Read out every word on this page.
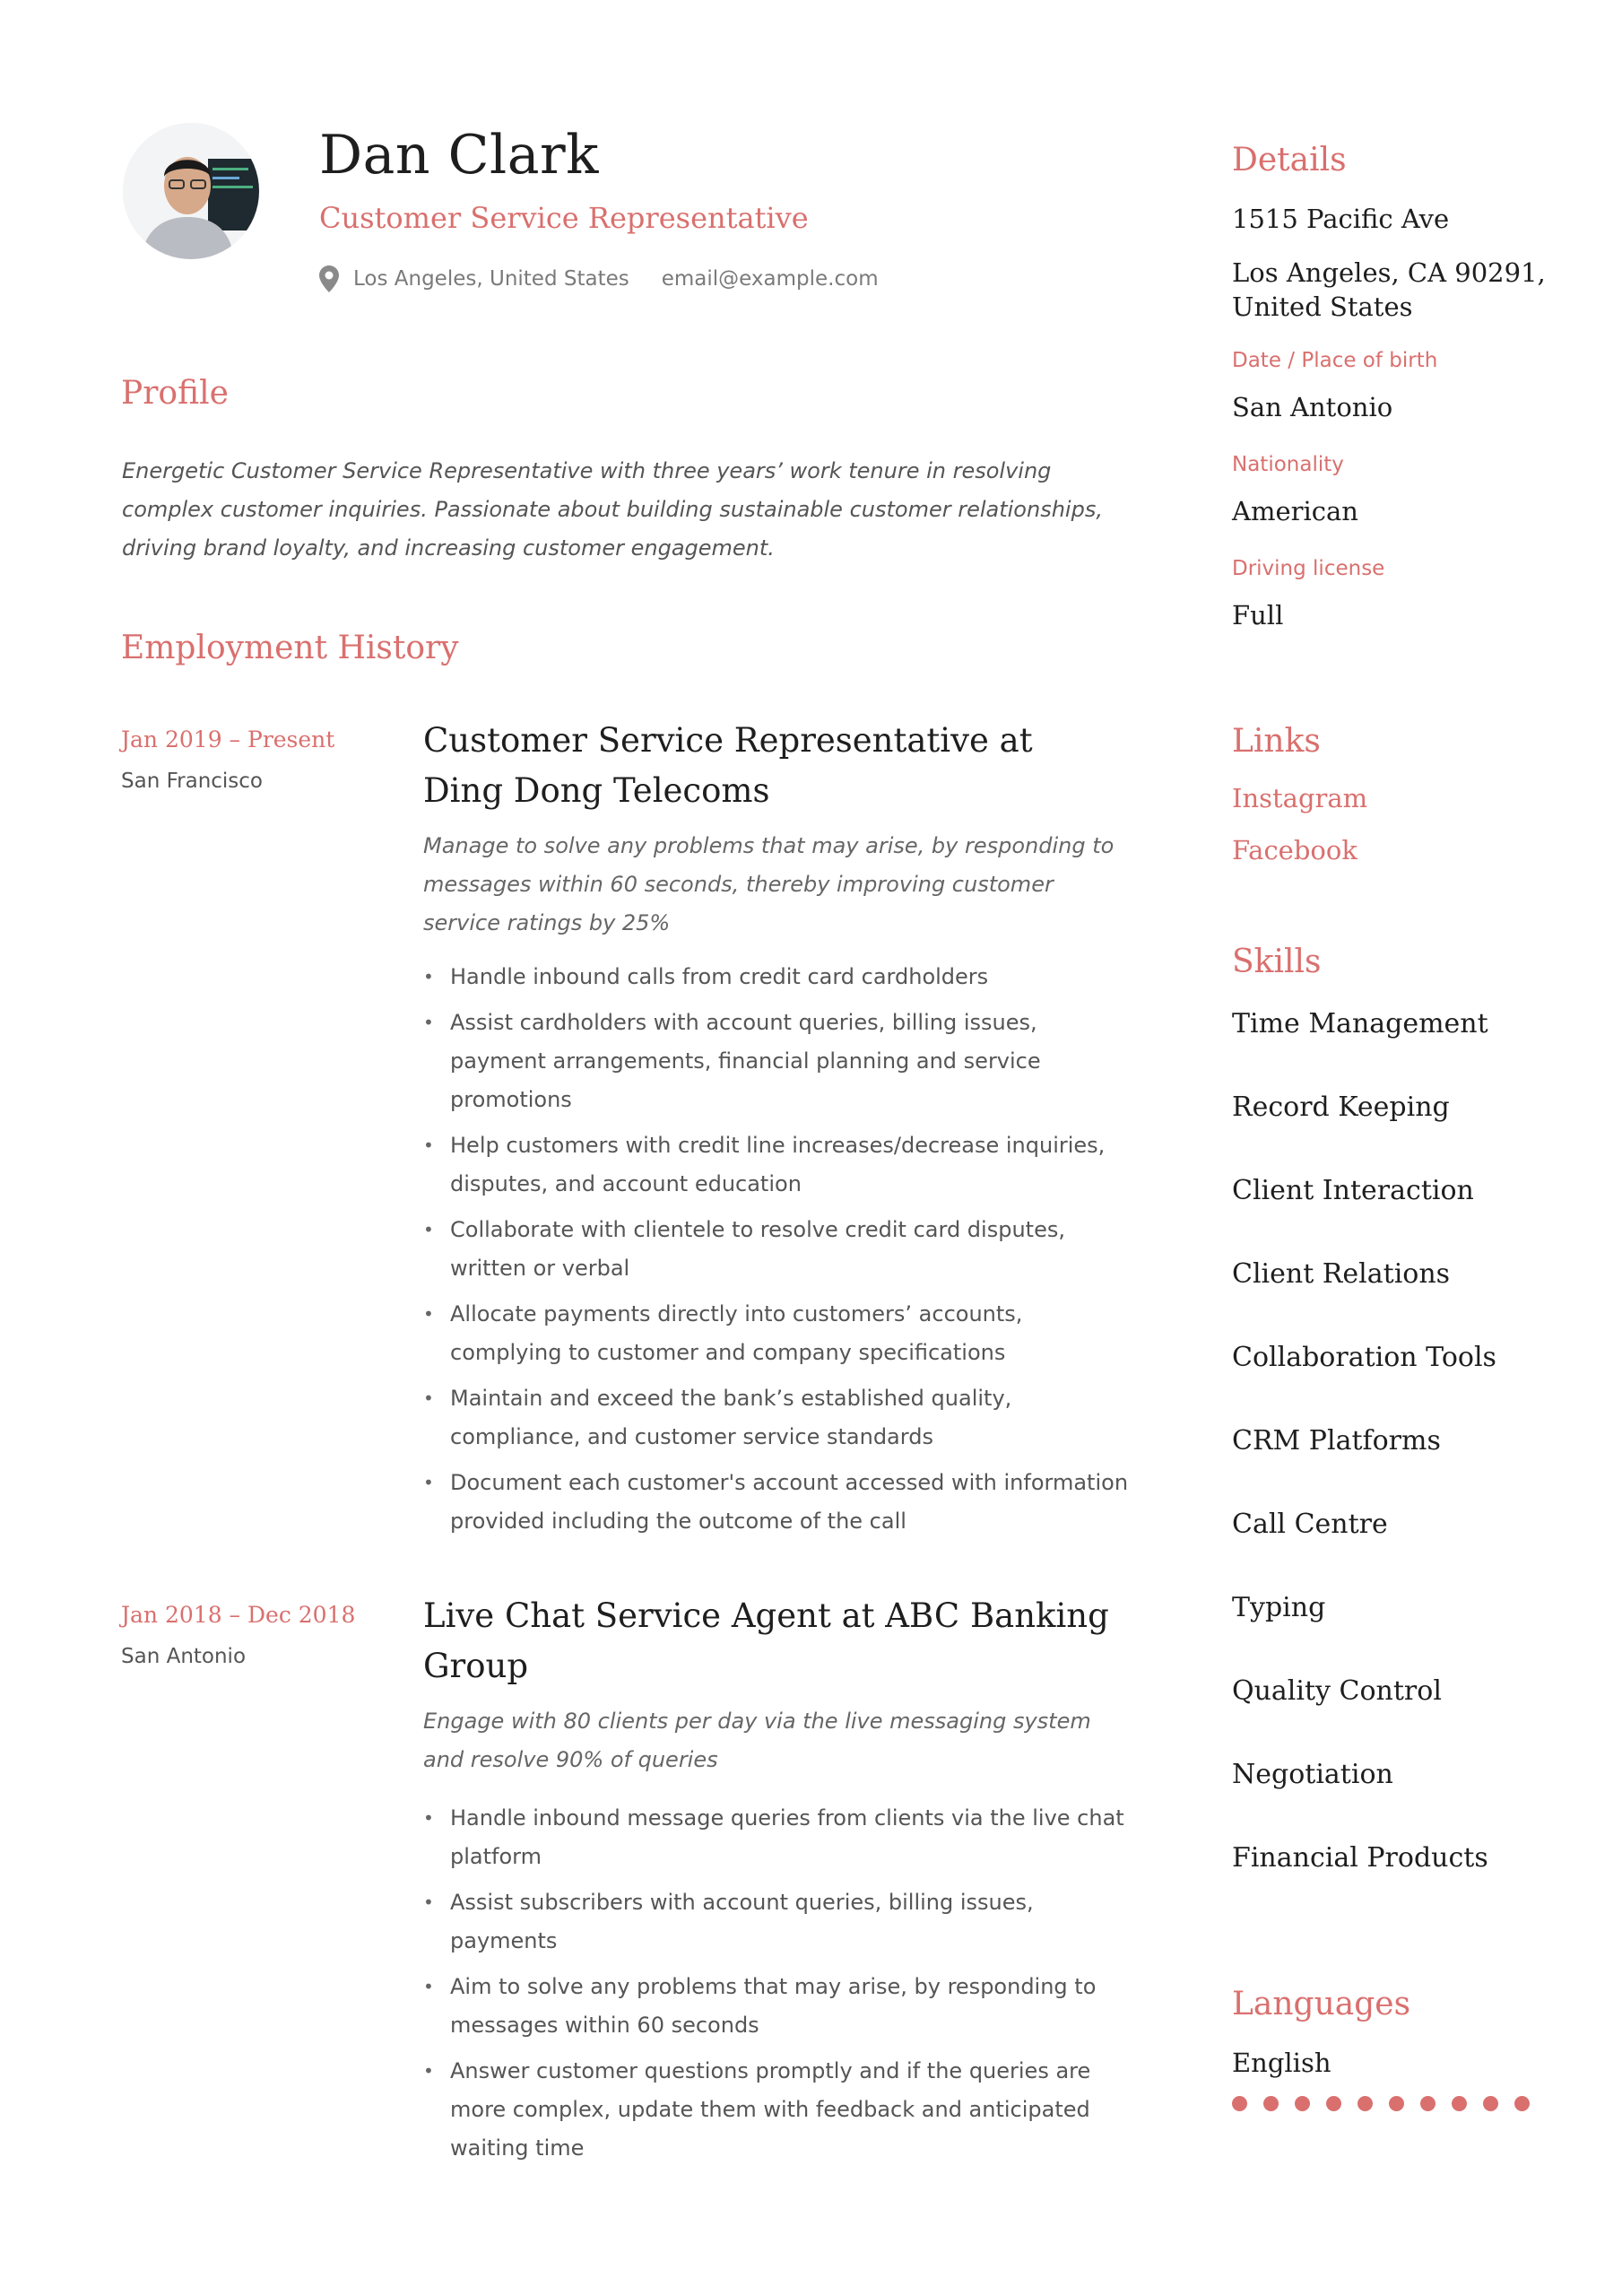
Dan Clark
Customer Service Representative
Los Angeles, United States email@example.com
Profile
Energetic Customer Service Representative with three years’ work tenure in resolving complex customer inquiries. Passionate about building sustainable customer relationships, driving brand loyalty, and increasing customer engagement.
Employment History
Jan 2019 – Present
San Francisco
Customer Service Representative at Ding Dong Telecoms
Manage to solve any problems that may arise, by responding to messages within 60 seconds, thereby improving customer service ratings by 25%
• Handle inbound calls from credit card cardholders
• Assist cardholders with account queries, billing issues, payment arrangements, financial planning and service promotions
• Help customers with credit line increases/decrease inquiries, disputes, and account education
• Collaborate with clientele to resolve credit card disputes, written or verbal
• Allocate payments directly into customers’ accounts, complying to customer and company specifications
• Maintain and exceed the bank’s established quality, compliance, and customer service standards
• Document each customer's account accessed with information provided including the outcome of the call
Jan 2018 – Dec 2018
San Antonio
Live Chat Service Agent at ABC Banking Group
Engage with 80 clients per day via the live messaging system and resolve 90% of queries
• Handle inbound message queries from clients via the live chat platform
• Assist subscribers with account queries, billing issues, payments
• Aim to solve any problems that may arise, by responding to messages within 60 seconds
• Answer customer questions promptly and if the queries are more complex, update them with feedback and anticipated waiting time
Details
1515 Pacific Ave
Los Angeles, CA 90291, United States
Date / Place of birth
San Antonio
Nationality
American
Driving license
Full
Links
Instagram
Facebook
Skills
Time Management
Record Keeping
Client Interaction
Client Relations
Collaboration Tools
CRM Platforms
Call Centre
Typing
Quality Control
Negotiation
Financial Products
Languages
English
